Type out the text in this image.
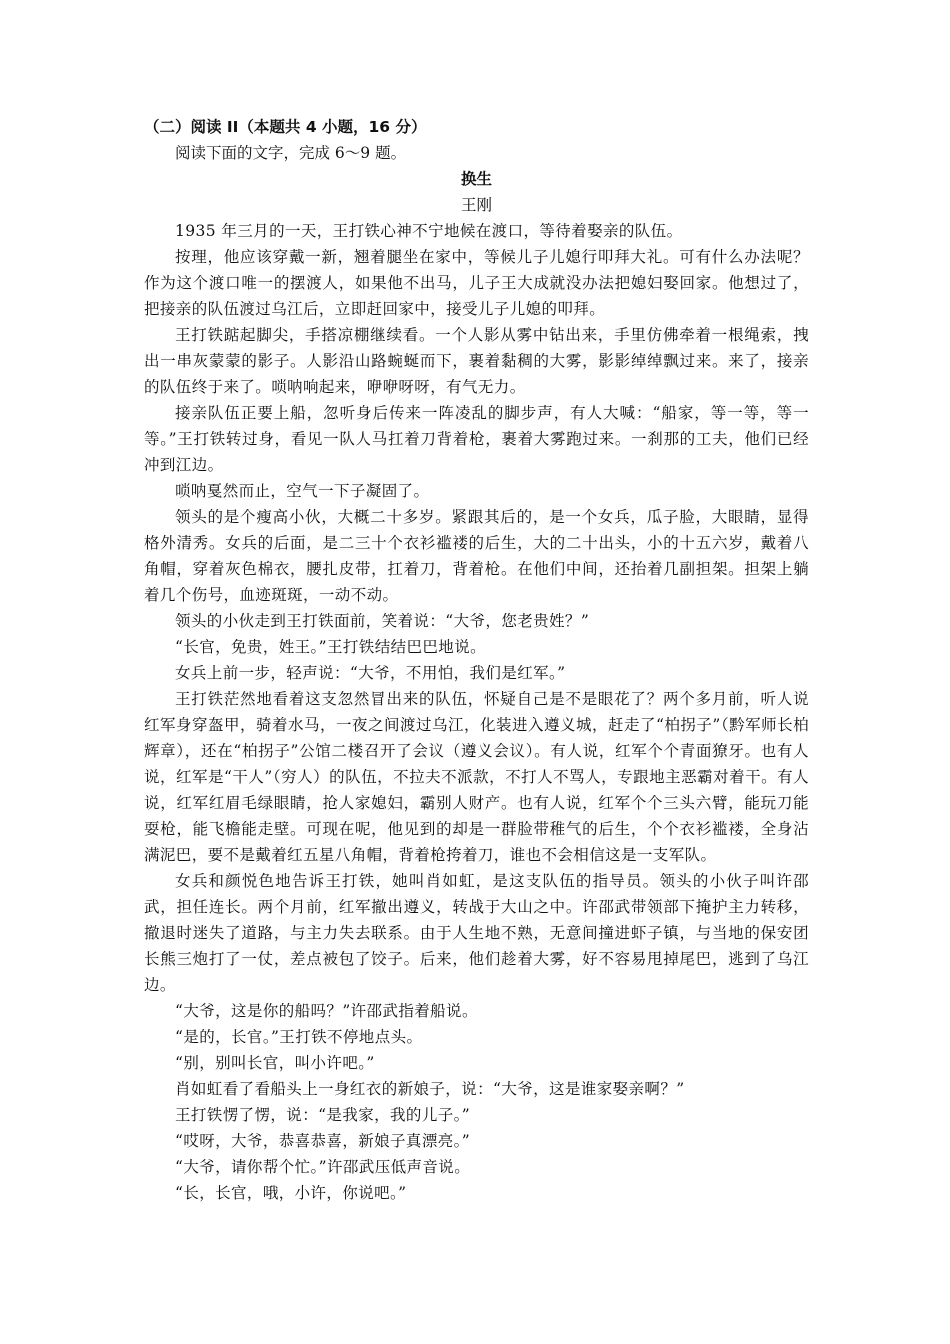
（二）阅读 II（本题共 4 小题，16 分）

阅读下面的文字，完成 6～9 题。

换生

王刚

1935 年三月的一天，王打铁心神不宁地候在渡口，等待着娶亲的队伍。

按理，他应该穿戴一新，翘着腿坐在家中，等候儿子儿媳行叩拜大礼。可有什么办法呢？作为这个渡口唯一的摆渡人，如果他不出马，儿子王大成就没办法把媳妇娶回家。他想过了，把接亲的队伍渡过乌江后，立即赶回家中，接受儿子儿媳的叩拜。

王打铁踮起脚尖，手搭凉棚继续看。一个人影从雾中钻出来，手里仿佛牵着一根绳索，拽出一串灰蒙蒙的影子。人影沿山路蜿蜒而下，裹着黏稠的大雾，影影绰绰飘过来。来了，接亲的队伍终于来了。唢呐响起来，咿咿呀呀，有气无力。

接亲队伍正要上船，忽听身后传来一阵凌乱的脚步声，有人大喊：“船家，等一等，等一等。”王打铁转过身，看见一队人马扛着刀背着枪，裹着大雾跑过来。一刹那的工夫，他们已经冲到江边。

唢呐戛然而止，空气一下子凝固了。

领头的是个瘦高小伙，大概二十多岁。紧跟其后的，是一个女兵，瓜子脸，大眼睛，显得格外清秀。女兵的后面，是二三十个衣衫褴褛的后生，大的二十出头，小的十五六岁，戴着八角帽，穿着灰色棉衣，腰扎皮带，扛着刀，背着枪。在他们中间，还抬着几副担架。担架上躺着几个伤号，血迹斑斑，一动不动。

领头的小伙走到王打铁面前，笑着说：“大爷，您老贵姓？”

“长官，免贵，姓王。”王打铁结结巴巴地说。

女兵上前一步，轻声说：“大爷，不用怕，我们是红军。”

王打铁茫然地看着这支忽然冒出来的队伍，怀疑自己是不是眼花了？两个多月前，听人说红军身穿盔甲，骑着水马，一夜之间渡过乌江，化装进入遵义城，赶走了“柏拐子”（黔军师长柏辉章），还在“柏拐子”公馆二楼召开了会议（遵义会议）。有人说，红军个个青面獠牙。也有人说，红军是“干人”（穷人）的队伍，不拉夫不派款，不打人不骂人，专跟地主恶霸对着干。有人说，红军红眉毛绿眼睛，抢人家媳妇，霸别人财产。也有人说，红军个个三头六臂，能玩刀能耍枪，能飞檐能走壁。可现在呢，他见到的却是一群脸带稚气的后生，个个衣衫褴褛，全身沾满泥巴，要不是戴着红五星八角帽，背着枪挎着刀，谁也不会相信这是一支军队。

女兵和颜悦色地告诉王打铁，她叫肖如虹，是这支队伍的指导员。领头的小伙子叫许邵武，担任连长。两个月前，红军撤出遵义，转战于大山之中。许邵武带领部下掩护主力转移，撤退时迷失了道路，与主力失去联系。由于人生地不熟，无意间撞进虾子镇，与当地的保安团长熊三炮打了一仗，差点被包了饺子。后来，他们趁着大雾，好不容易甩掉尾巴，逃到了乌江边。

“大爷，这是你的船吗？”许邵武指着船说。

“是的，长官。”王打铁不停地点头。

“别，别叫长官，叫小许吧。”

肖如虹看了看船头上一身红衣的新娘子，说：“大爷，这是谁家娶亲啊？”

王打铁愣了愣，说：“是我家，我的儿子。”

“哎呀，大爷，恭喜恭喜，新娘子真漂亮。”

“大爷，请你帮个忙。”许邵武压低声音说。

“长，长官，哦，小许，你说吧。”
